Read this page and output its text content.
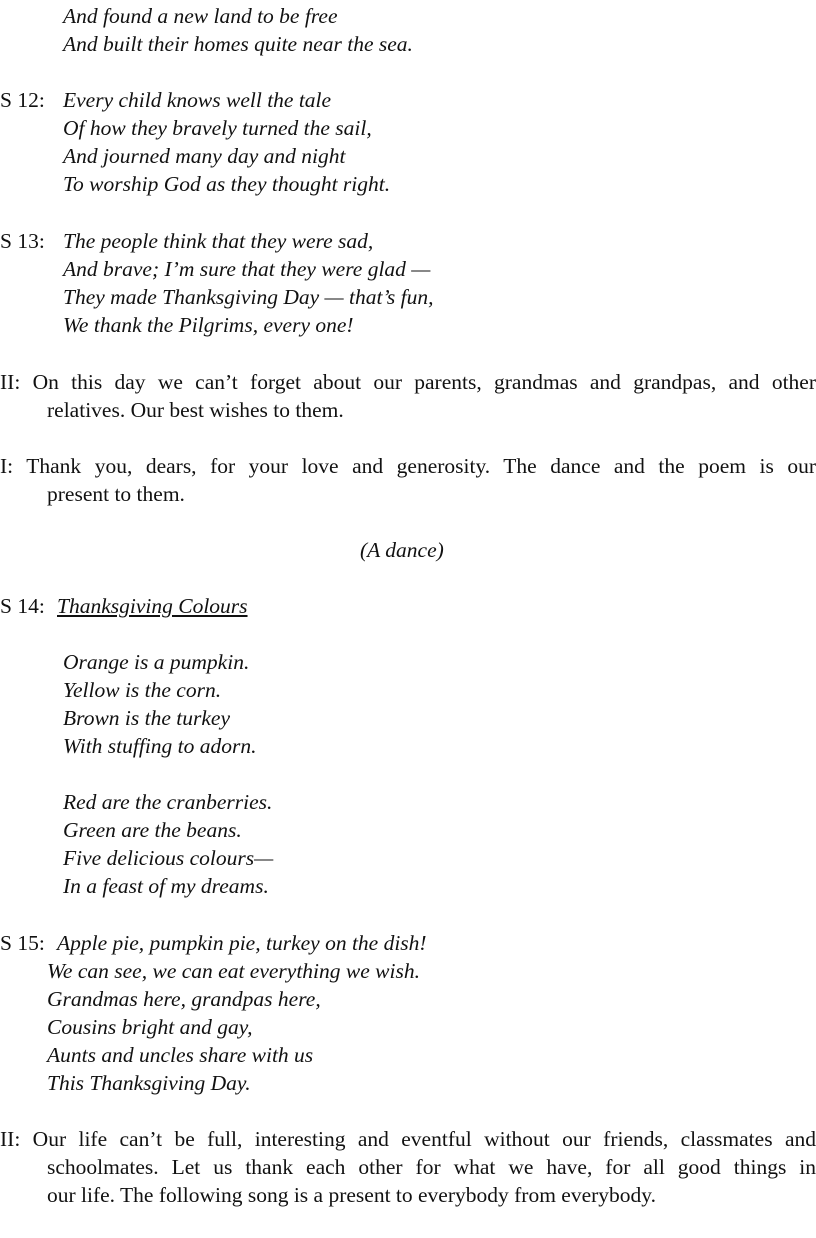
And found a new land to be free
And built their homes quite near the sea.
S 12: Every child knows well the tale
Of how they bravely turned the sail,
And journed many day and night
To worship God as they thought right.
S 13: The people think that they were sad,
And brave; I’m sure that they were glad —
They made Thanksgiving Day — that’s fun,
We thank the Pilgrims, every one!
II: On this day we can’t forget about our parents, grandmas and grandpas, and other
relatives. Our best wishes to them.
I: Thank you, dears, for your love and generosity. The dance and the poem is our
present to them.
(A dance)
S 14: Thanksgiving Colours
Orange is a pumpkin.
Yellow is the corn.
Brown is the turkey
With stuffing to adorn.
Red are the cranberries.
Green are the beans.
Five delicious colours—
In a feast of my dreams.
S 15: Apple pie, pumpkin pie, turkey on the dish!
We can see, we can eat everything we wish.
Grandmas here, grandpas here,
Cousins bright and gay,
Aunts and uncles share with us
This Thanksgiving Day.
II: Our life can’t be full, interesting and eventful without our friends, classmates and
schoolmates. Let us thank each other for what we have, for all good things in
our life. The following song is a present to everybody from everybody.
